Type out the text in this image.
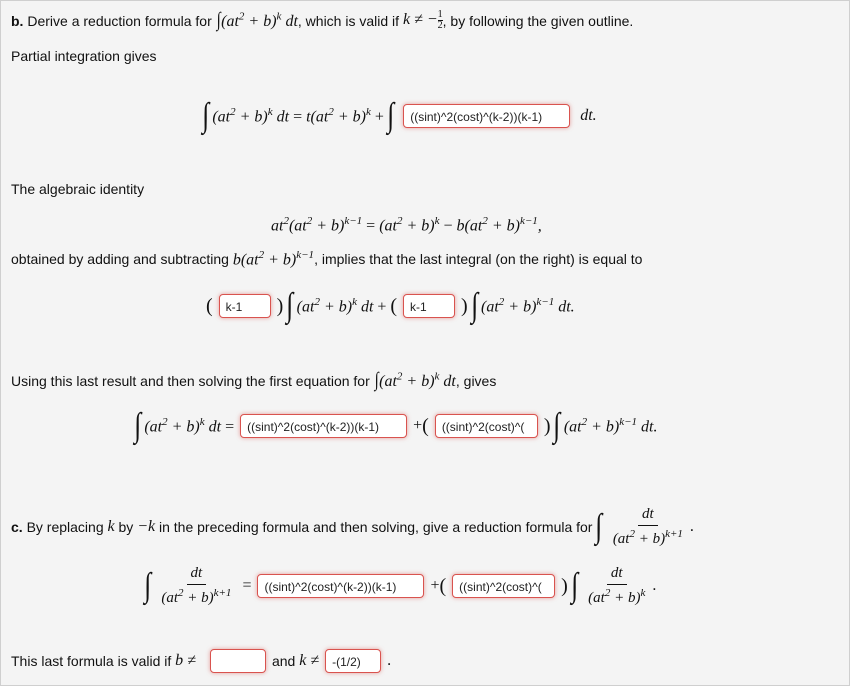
b.
Derive a reduction formula for
$\int(at^2 + b)^k$ dt , which is valid if
k ≠ − $\frac{1}{2}$ , by following the given outline.
Partial integration gives
∫ $(at^2 + b)^k$ dt = $t(at^2 + b)^k$ + ∫	((sint)^2(cost)^(k-2))(k-1)	dt.
The algebraic identity
$at^2(at^2 + b)^{k-1} = (at^2 + b)^k - b(at^2 + b)^{k-1}$,
obtained by adding and subtracting
$b(at^2 + b)^{k-1}$ , implies that the last integral (on the right) is equal to
(	k-1	) ∫ $(at^2 + b)^k$ dt +
(	k-1	) ∫ $(at^2 + b)^{k-1}$ dt.
Using this last result and then solving the first equation for
$\int(at^2 + b)^k$ dt , gives
∫ $(at^2 + b)^k$ dt =	((sint)^2(cost)^(k-2))(k-1)	+ (	((sint)^2(cost)^( ) ∫ $(at^2 + b)^{k-1}$ dt.
c.
By replacing
k
by
−k
in the preceding formula and then solving, give a reduction formula for ∫ $\frac{dt}{(at^2 + b)^{k+1}}$ .
∫ $\frac{dt}{(at^2 + b)^{k+1}}$ =	((sint)^2(cost)^(k-2))(k-1)	+ (	((sint)^2(cost)^( ) ∫ $\frac{dt}{(at^2 + b)^k}$ .
This last formula is valid if
b ≠	and
k ≠	-(1/2)	.
